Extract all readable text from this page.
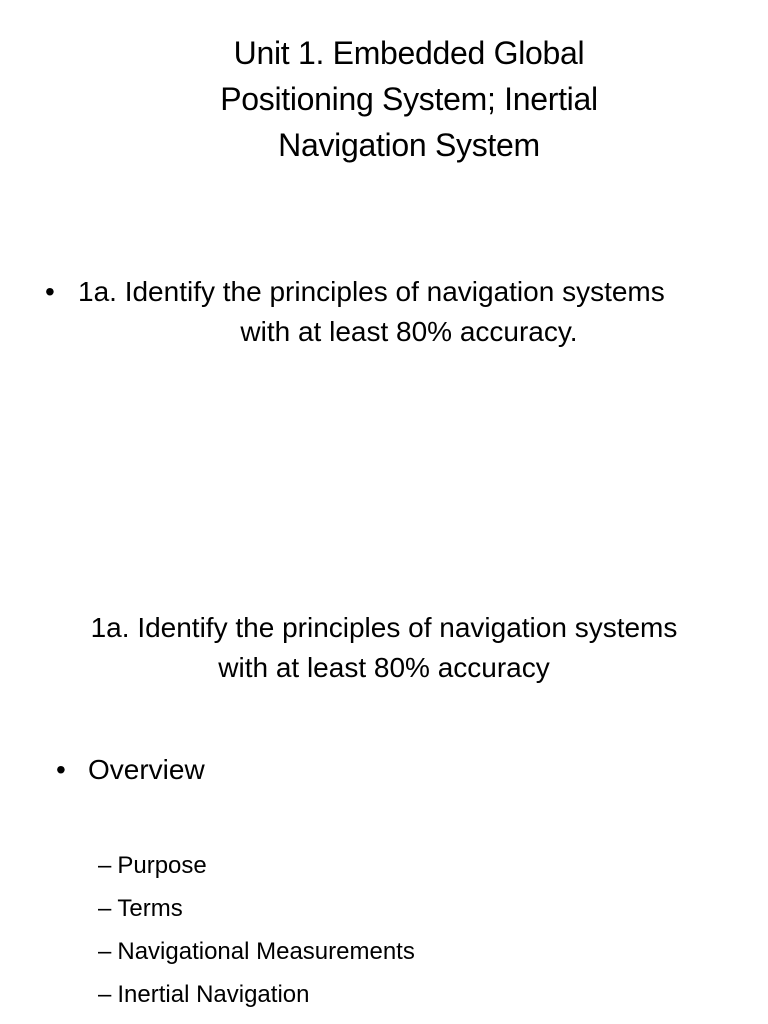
Unit 1. Embedded Global
Positioning System; Inertial
Navigation System
• 1a. Identify the principles of navigation systems
with at least 80% accuracy.
1a. Identify the principles of navigation systems
with at least 80% accuracy
• Overview
– Purpose
– Terms
– Navigational Measurements
– Inertial Navigation
